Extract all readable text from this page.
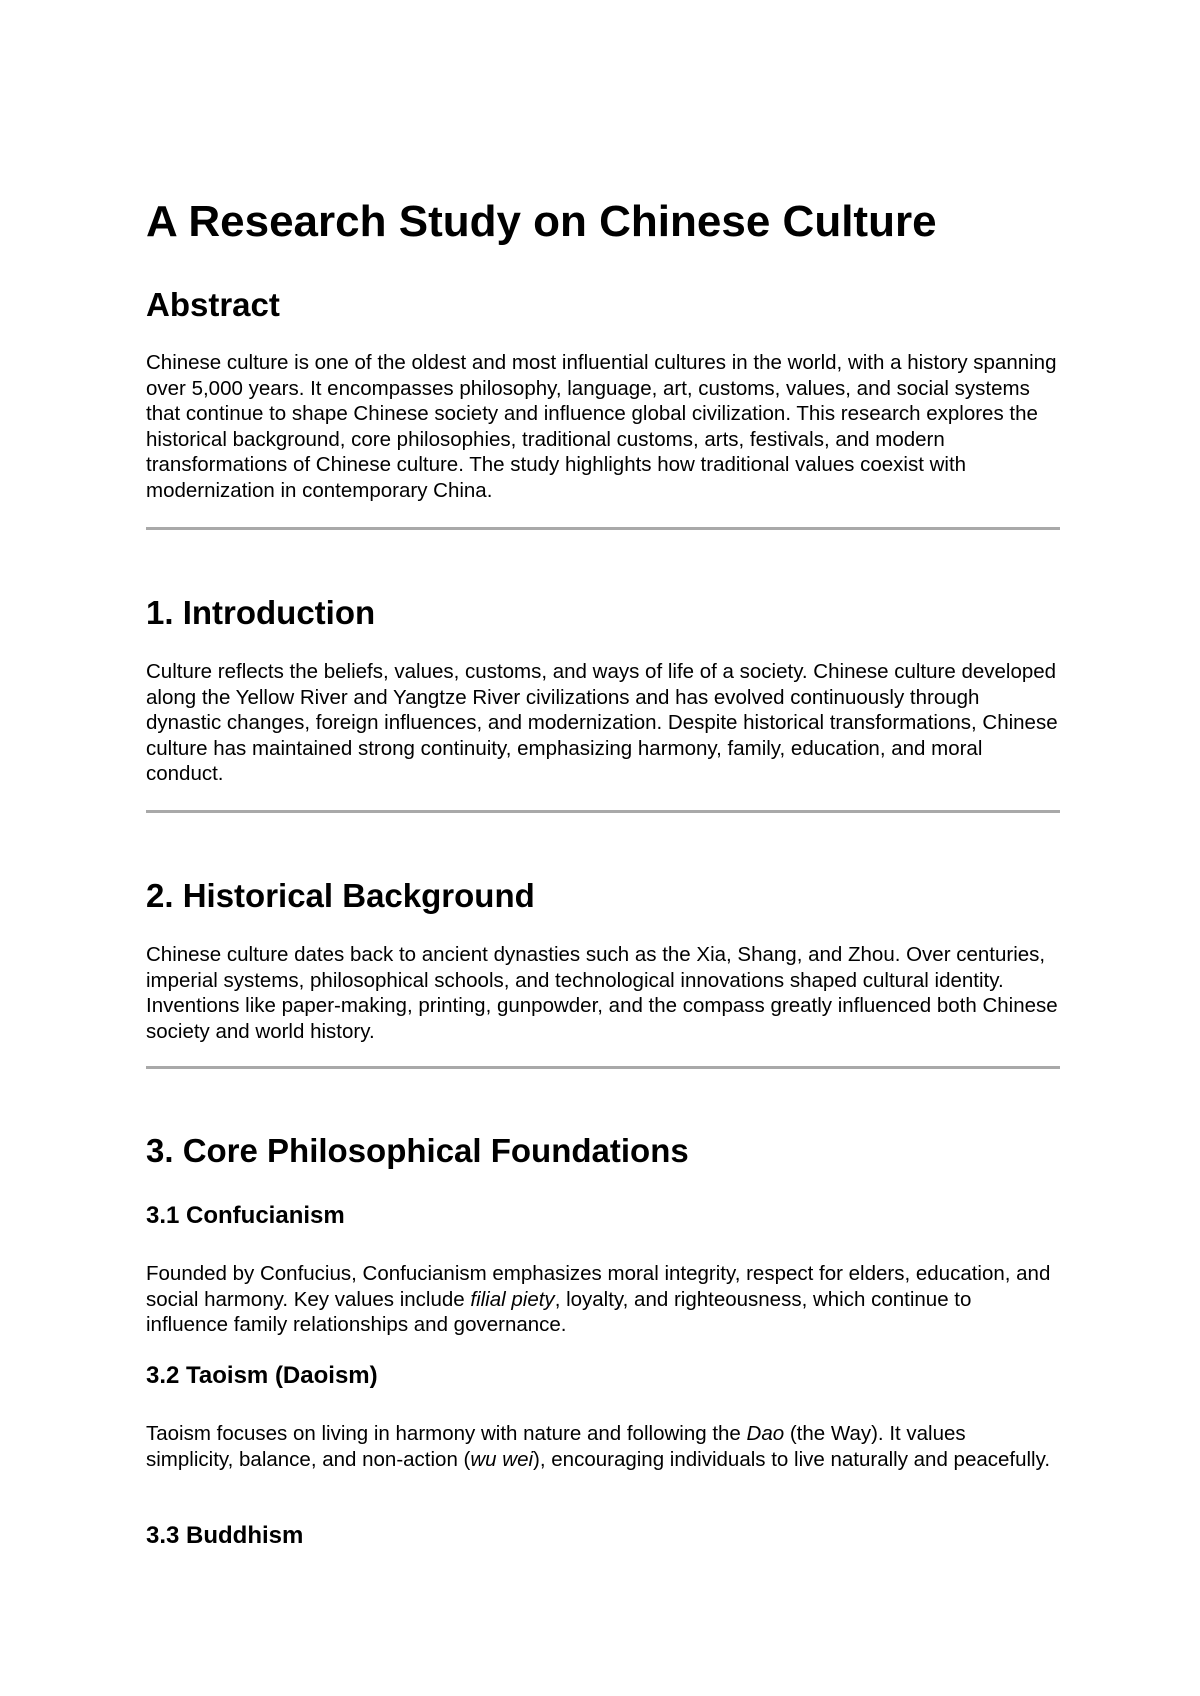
A Research Study on Chinese Culture
Abstract

Chinese culture is one of the oldest and most influential cultures in the world, with a history spanning over 5,000 years. It encompasses philosophy, language, art, customs, values, and social systems that continue to shape Chinese society and influence global civilization. This research explores the historical background, core philosophies, traditional customs, arts, festivals, and modern transformations of Chinese culture. The study highlights how traditional values coexist with modernization in contemporary China.

1. Introduction

Culture reflects the beliefs, values, customs, and ways of life of a society. Chinese culture developed along the Yellow River and Yangtze River civilizations and has evolved continuously through dynastic changes, foreign influences, and modernization. Despite historical transformations, Chinese culture has maintained strong continuity, emphasizing harmony, family, education, and moral conduct.

2. Historical Background

Chinese culture dates back to ancient dynasties such as the Xia, Shang, and Zhou. Over centuries, imperial systems, philosophical schools, and technological innovations shaped cultural identity. Inventions like paper-making, printing, gunpowder, and the compass greatly influenced both Chinese society and world history.

3. Core Philosophical Foundations
3.1 Confucianism

Founded by Confucius, Confucianism emphasizes moral integrity, respect for elders, education, and social harmony. Key values include filial piety, loyalty, and righteousness, which continue to influence family relationships and governance.

3.2 Taoism (Daoism)

Taoism focuses on living in harmony with nature and following the Dao (the Way). It values simplicity, balance, and non-action (wu wei), encouraging individuals to live naturally and peacefully.

3.3 Buddhism
